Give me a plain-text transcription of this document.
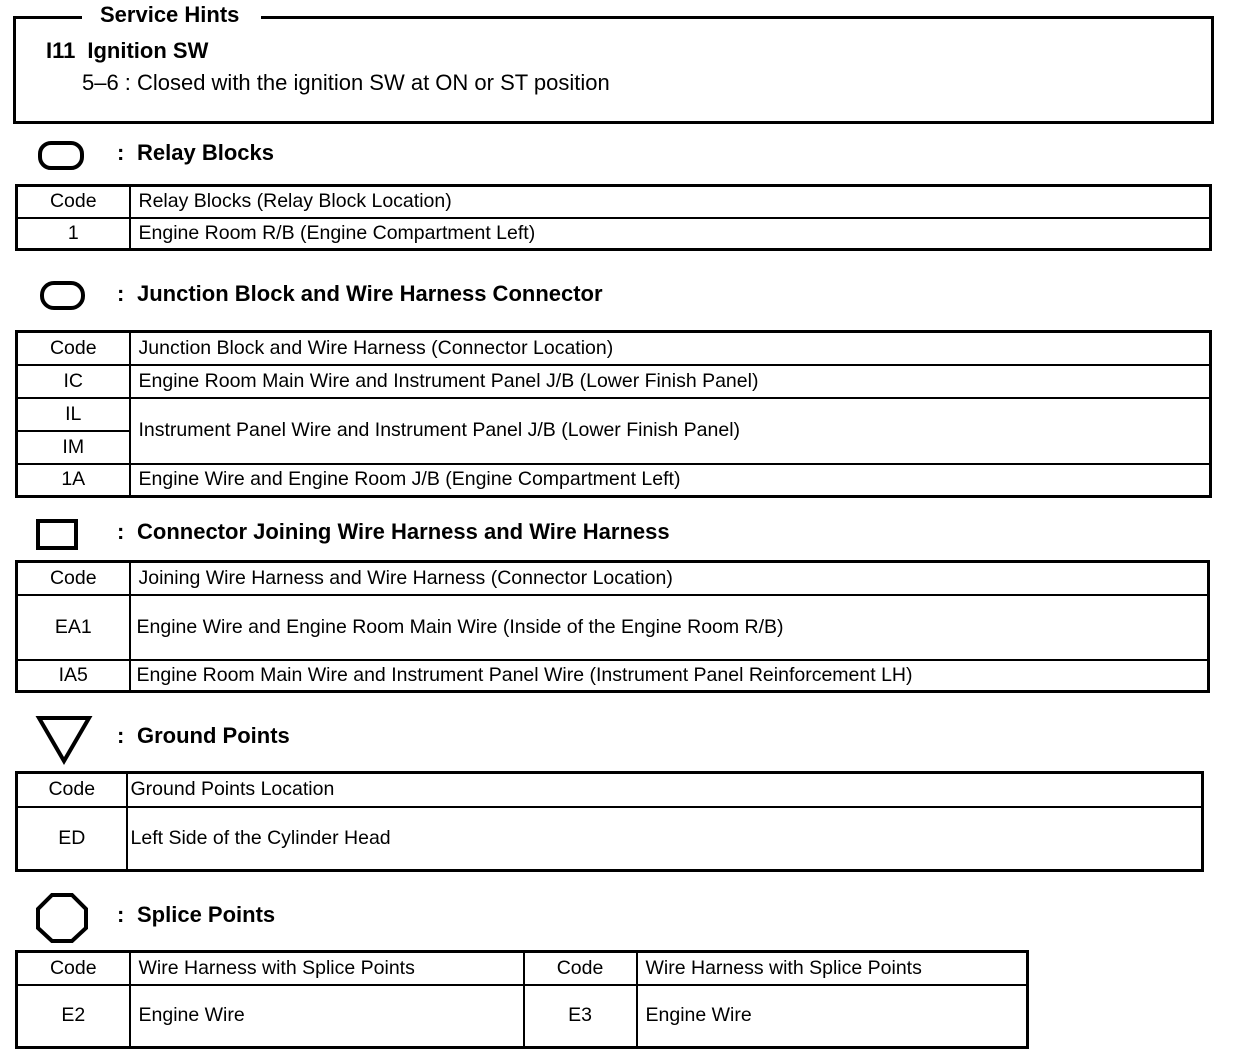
Service Hints
I11 Ignition SW
5–6 : Closed with the ignition SW at ON or ST position
: Relay Blocks
Code	Relay Blocks (Relay Block Location)
1	Engine Room R/B (Engine Compartment Left)
: Junction Block and Wire Harness Connector
Code	Junction Block and Wire Harness (Connector Location)
IC	Engine Room Main Wire and Instrument Panel J/B (Lower Finish Panel)
IL	Instrument Panel Wire and Instrument Panel J/B (Lower Finish Panel)
IM	
1A	Engine Wire and Engine Room J/B (Engine Compartment Left)
: Connector Joining Wire Harness and Wire Harness
Code	Joining Wire Harness and Wire Harness (Connector Location)
EA1	Engine Wire and Engine Room Main Wire (Inside of the Engine Room R/B)
IA5	Engine Room Main Wire and Instrument Panel Wire (Instrument Panel Reinforcement LH)
: Ground Points
Code	Ground Points Location
ED	Left Side of the Cylinder Head
: Splice Points
Code	Wire Harness with Splice Points	Code	Wire Harness with Splice Points
E2	Engine Wire	E3	Engine Wire
